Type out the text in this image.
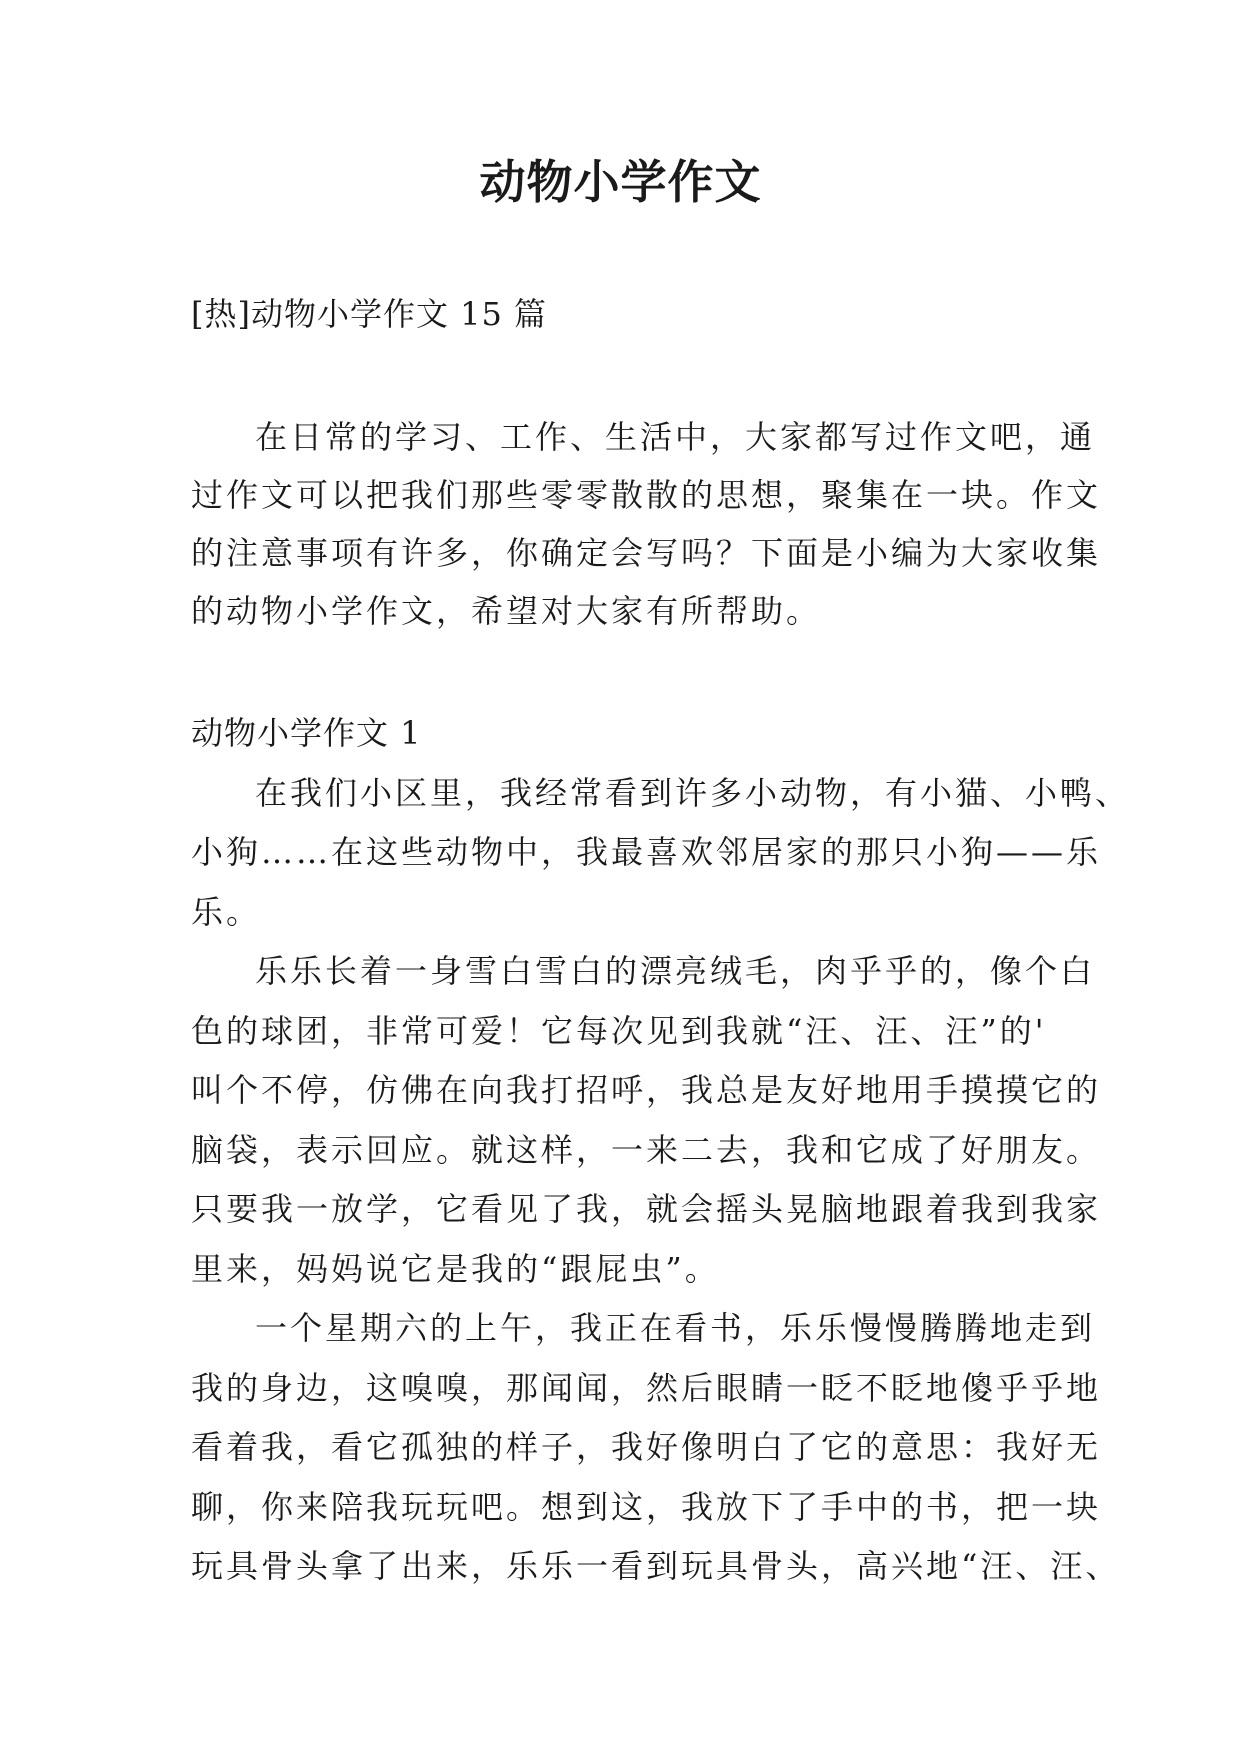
动物小学作文

[热]动物小学作文 15 篇

在日常的学习、工作、生活中，大家都写过作文吧，通
过作文可以把我们那些零零散散的思想，聚集在一块。作文
的注意事项有许多，你确定会写吗？下面是小编为大家收集
的动物小学作文，希望对大家有所帮助。
动物小学作文 1
在我们小区里，我经常看到许多小动物，有小猫、小鸭、
小狗……在这些动物中，我最喜欢邻居家的那只小狗——乐
乐。
乐乐长着一身雪白雪白的漂亮绒毛，肉乎乎的，像个白
色的球团，非常可爱！它每次见到我就“汪、汪、汪”的'
叫个不停，仿佛在向我打招呼，我总是友好地用手摸摸它的
脑袋，表示回应。就这样，一来二去，我和它成了好朋友。
只要我一放学，它看见了我，就会摇头晃脑地跟着我到我家
里来，妈妈说它是我的“跟屁虫”。
一个星期六的上午，我正在看书，乐乐慢慢腾腾地走到
我的身边，这嗅嗅，那闻闻，然后眼睛一眨不眨地傻乎乎地
看着我，看它孤独的样子，我好像明白了它的意思：我好无
聊，你来陪我玩玩吧。想到这，我放下了手中的书，把一块
玩具骨头拿了出来，乐乐一看到玩具骨头，高兴地“汪、汪、
